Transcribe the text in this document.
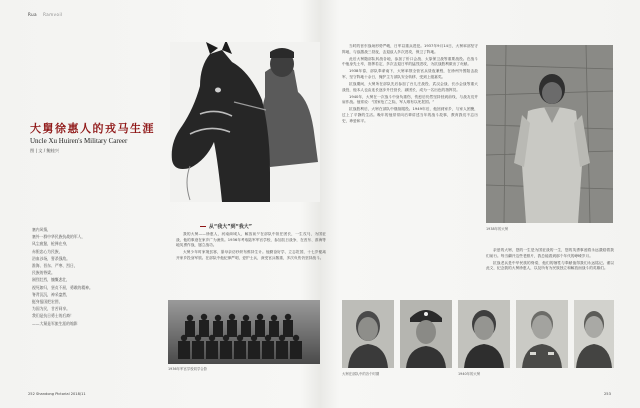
Rua Ramvoil
大舅徐惠人的戎马生涯
Uncle Xu Huiren's Military Career
图 | 文 / 鲍桂兴
塞内风情，
塞外一群中华民族抗战的军人，
风尘疲惫，枪弹在身，
赤胆忠心为民族，
浴血沙场，誓杀强敌。
淮海、晋东、严寒、烈日，
民族的脊梁。
刚烈壮烈，慷慨悲壮，
视死如归，坚贞不屈，勇敢的精神。
脊背沉沉，神采盎然，
挺身报国把宏图，
为国为民，甘苦同享。
我们是抗日勇士的后裔！
——大舅是军旅生涯的缩影
从“我大”到“我大”

我的大舅——徐惠人，河南商城人，解放前夕在部队中担任团长，一生戎马，为国征战，他的事迹在家乡广为流传。1936年考取陆军军官学校，参加抗日战争，在晋东、淮海等地英勇作战，屡立战功。

大舅少年时家境贫寒，靠母亲纺纱织布维持生计。他勤奋好学，立志报国，十七岁便离开家乡投身军旅。在部队中他纪律严明，爱护士兵，深受官兵敬重，多次负伤仍坚持战斗。

1936年军官学校同学合影

当时的晋东战场形势严峻，日军以重兵进犯。1937年9月14日，大舅率部坚守阵地，与敌激战三昼夜，击退敌人多次进攻，保卫了阵地。

此后大舅随部队转战各地，参加了忻口会战、太原保卫战等重要战役。在战斗中他身先士卒，指挥若定，多次击退日军的猛烈进攻，为抗战胜利做出了贡献。

1938年春，部队奉命南下，大舅率领全营官兵昼夜兼程，在徐州外围阻击敌军，坚守阵地十余日，掩护主力部队安全转移，受到上级嘉奖。

抗战期间，大舅所在部队先后参加了台儿庄战役、武汉会战、长沙会战等重大战役，他本人也由连长逐步升任营长、副团长，成为一名出色的指挥员。

1940年，大舅在一次战斗中身负重伤，伤愈后仍然坚持回到前线，与战友们并肩作战。他常说：“国家危亡之际，军人唯有以死报国。”

抗战胜利后，大舅在部队中继续服役。1949年后，他回到家乡，与家人团聚，过上了平静的生活。晚年的他常常向后辈讲述当年的战斗故事，教育我们不忘历史，珍爱和平。

1938年的大舅

亲爱的大舅，您的一生是为国征战的一生，您的英勇事迹将永远激励着我们前行。每当翻开这些老照片，我总能看到那个年代的峥嵘岁月。

抗战老兵是中华民族的脊梁，他们的牺牲与奉献值得我们永远铭记。谨以此文，纪念我的大舅徐惠人，以及所有为民族独立和解放而战斗的英雄们。

大舅在部队中的各个时期	1940年的大舅
252 Shandong Pictorial 2018/11	253
